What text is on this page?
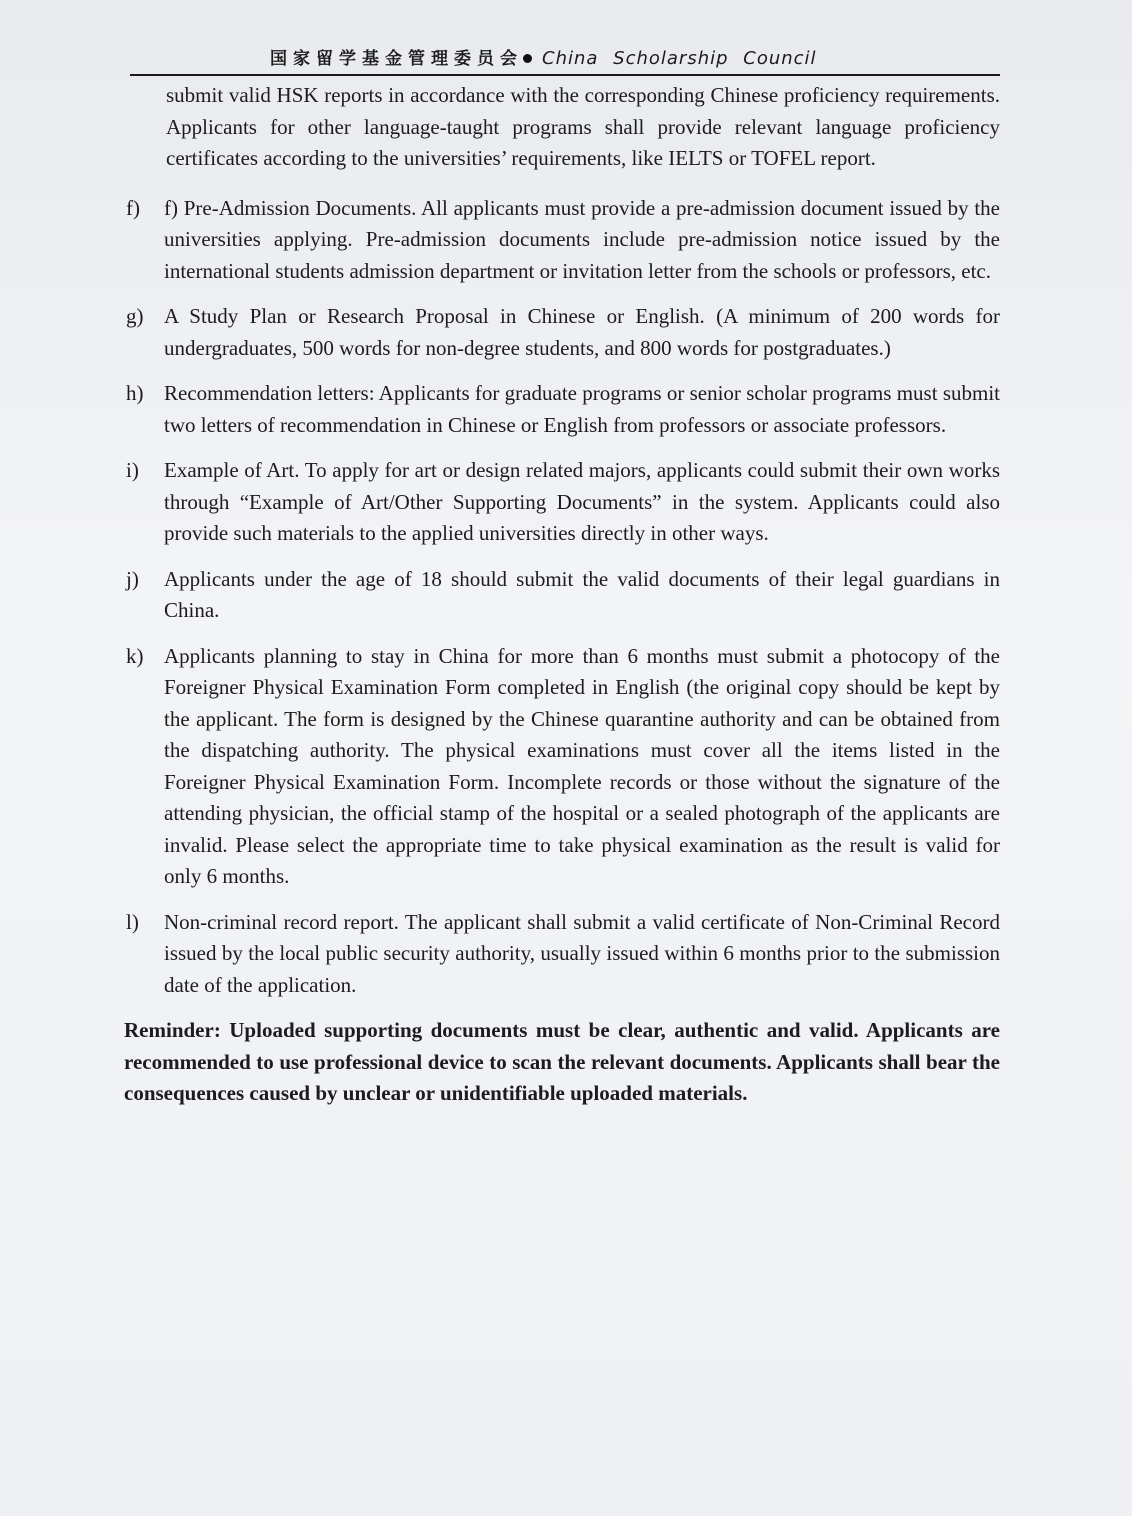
国家留学基金管理委员会 China Scholarship Council

submit valid HSK reports in accordance with the corresponding Chinese proficiency requirements. Applicants for other language-taught programs shall provide relevant language proficiency certificates according to the universities’ requirements, like IELTS or TOFEL report.

f) f) Pre-Admission Documents. All applicants must provide a pre-admission document issued by the universities applying. Pre-admission documents include pre-admission notice issued by the international students admission department or invitation letter from the schools or professors, etc.
g) A Study Plan or Research Proposal in Chinese or English. (A minimum of 200 words for undergraduates, 500 words for non-degree students, and 800 words for postgraduates.)
h) Recommendation letters: Applicants for graduate programs or senior scholar programs must submit two letters of recommendation in Chinese or English from professors or associate professors.
i) Example of Art. To apply for art or design related majors, applicants could submit their own works through “Example of Art/Other Supporting Documents” in the system. Applicants could also provide such materials to the applied universities directly in other ways.
j) Applicants under the age of 18 should submit the valid documents of their legal guardians in China.
k) Applicants planning to stay in China for more than 6 months must submit a photocopy of the Foreigner Physical Examination Form completed in English (the original copy should be kept by the applicant. The form is designed by the Chinese quarantine authority and can be obtained from the dispatching authority. The physical examinations must cover all the items listed in the Foreigner Physical Examination Form. Incomplete records or those without the signature of the attending physician, the official stamp of the hospital or a sealed photograph of the applicants are invalid. Please select the appropriate time to take physical examination as the result is valid for only 6 months.
l) Non-criminal record report. The applicant shall submit a valid certificate of Non-Criminal Record issued by the local public security authority, usually issued within 6 months prior to the submission date of the application.

Reminder: Uploaded supporting documents must be clear, authentic and valid. Applicants are recommended to use professional device to scan the relevant documents. Applicants shall bear the consequences caused by unclear or unidentifiable uploaded materials.
